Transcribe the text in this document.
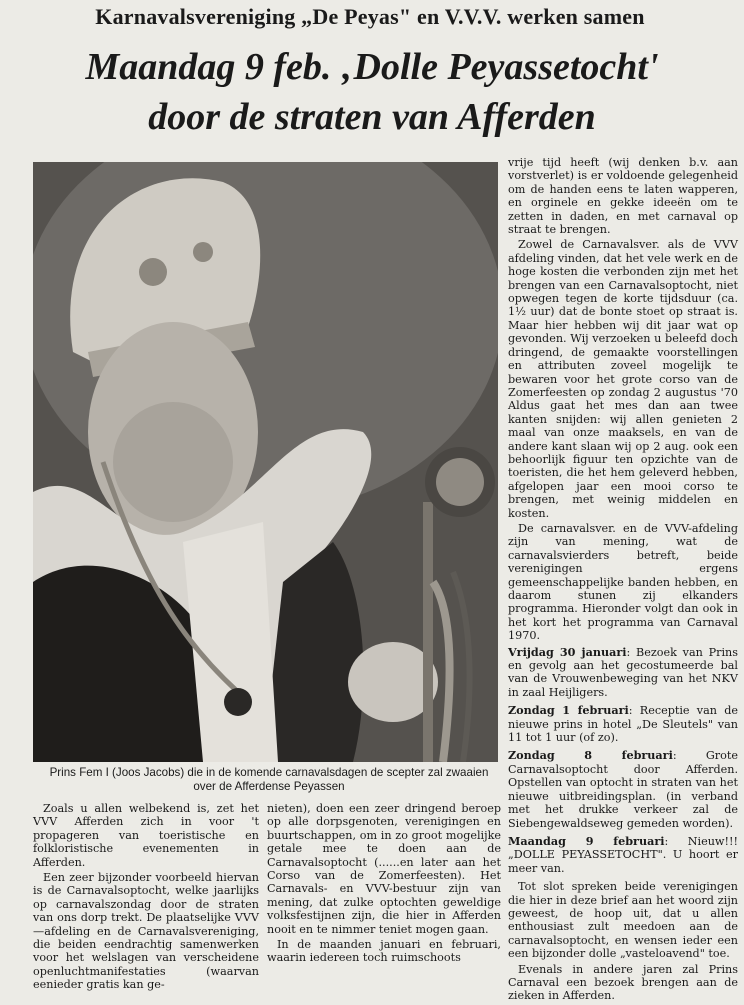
Karnavalsvereniging „De Peyas" en V.V.V. werken samen
Maandag 9 feb. ‚Dolle Peyassetocht'
door de straten van Afferden
Prins Fem I (Joos Jacobs) die in de komende carnavalsdagen de scepter zal zwaaien over de Afferdense Peyassen

Zoals u allen welbekend is, zet het VVV Afferden zich in voor 't propageren van toeristische en folkloristische evenementen in Afferden.

Een zeer bijzonder voorbeeld hiervan is de Carnavalsoptocht, welke jaarlijks op carnavalszondag door de straten van ons dorp trekt. De plaatselijke VVV—afdeling en de Carnavalsvereniging, die beiden eendrachtig samenwerken voor het welslagen van verscheidene openluchtmanifestaties (waarvan eenieder gratis kan ge-

nieten), doen een zeer dringend beroep op alle dorpsgenoten, verenigingen en buurtschappen, om in zo groot mogelijke getale mee te doen aan de Carnavalsoptocht (......en later aan het Corso van de Zomerfeesten). Het Carnavals- en VVV-bestuur zijn van mening, dat zulke optochten geweldige volksfestijnen zijn, die hier in Afferden nooit en te nimmer teniet mogen gaan.

In de maanden januari en februari, waarin iedereen toch ruimschoots

vrije tijd heeft (wij denken b.v. aan vorstverlet) is er voldoende gelegenheid om de handen eens te laten wapperen, en orginele en gekke ideeën om te zetten in daden, en met carnaval op straat te brengen.

Zowel de Carnavalsver. als de VVV afdeling vinden, dat het vele werk en de hoge kosten die verbonden zijn met het brengen van een Carnavalsoptocht, niet opwegen tegen de korte tijdsduur (ca. 1½ uur) dat de bonte stoet op straat is. Maar hier hebben wij dit jaar wat op gevonden. Wij verzoeken u beleefd doch dringend, de gemaakte voorstellingen en attributen zoveel mogelijk te bewaren voor het grote corso van de Zomerfeesten op zondag 2 augustus '70 Aldus gaat het mes dan aan twee kanten snijden: wij allen genieten 2 maal van onze maaksels, en van de andere kant slaan wij op 2 aug. ook een behoorlijk figuur ten opzichte van de toeristen, die het hem geleverd hebben, afgelopen jaar een mooi corso te brengen, met weinig middelen en kosten.

De carnavalsver. en de VVV-afdeling zijn van mening, wat de carnavalsvierders betreft, beide verenigingen ergens gemeenschappelijke banden hebben, en daarom stunen zij elkanders programma. Hieronder volgt dan ook in het kort het programma van Carnaval 1970.

Vrijdag 30 januari: Bezoek van Prins en gevolg aan het gecostumeerde bal van de Vrouwenbeweging van het NKV in zaal Heijligers.

Zondag 1 februari: Receptie van de nieuwe prins in hotel „De Sleutels" van 11 tot 1 uur (of zo).

Zondag 8 februari: Grote Carnavalsoptocht door Afferden. Opstellen van optocht in straten van het nieuwe uitbreidingsplan. (in verband met het drukke verkeer zal de Siebengewaldseweg gemeden worden).

Maandag 9 februari: Nieuw!!! „DOLLE PEYASSETOCHT". U hoort er meer van.

Tot slot spreken beide verenigingen die hier in deze brief aan het woord zijn geweest, de hoop uit, dat u allen enthousiast zult meedoen aan de carnavalsoptocht, en wensen ieder een een bijzonder dolle „vasteloavend" toe.

Evenals in andere jaren zal Prins Carnaval een bezoek brengen aan de zieken in Afferden.
